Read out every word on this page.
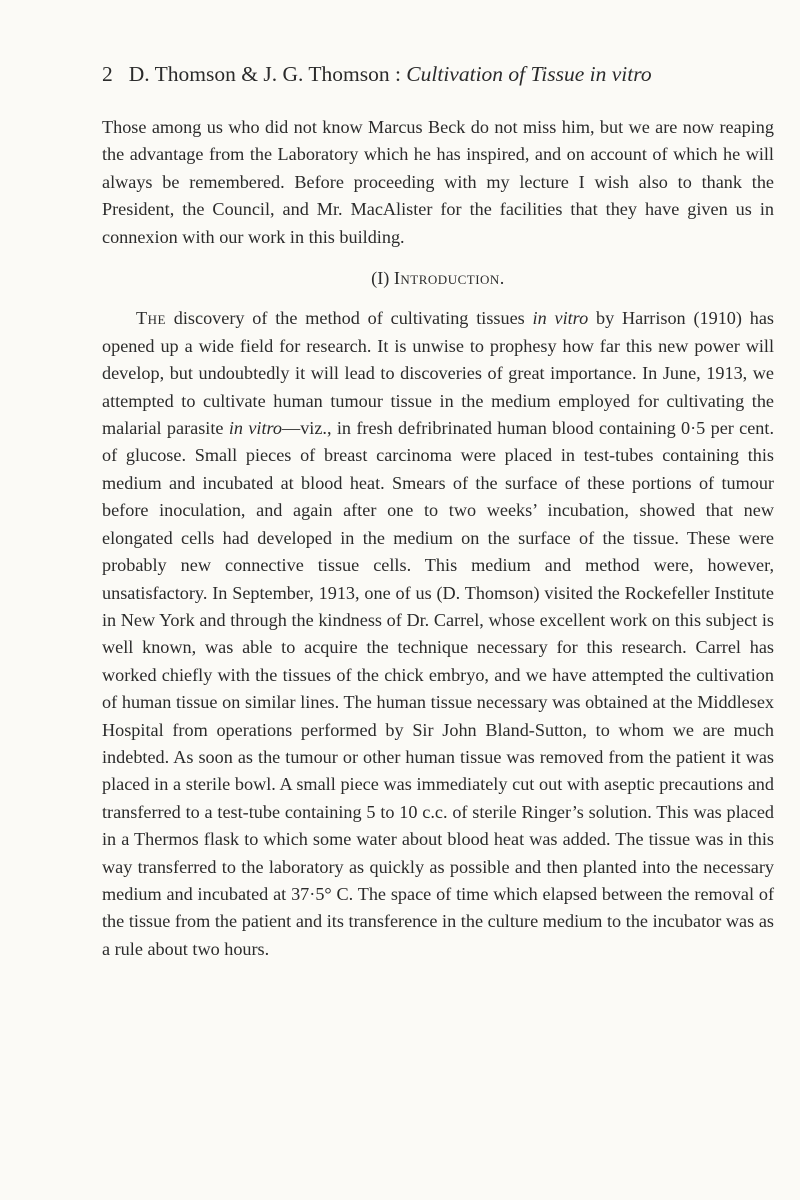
2 D. Thomson & J. G. Thomson : Cultivation of Tissue in vitro

Those among us who did not know Marcus Beck do not miss him, but we are now reaping the advantage from the Laboratory which he has inspired, and on account of which he will always be remembered. Before proceeding with my lecture I wish also to thank the President, the Council, and Mr. MacAlister for the facilities that they have given us in connexion with our work in this building.

(I) Introduction.

The discovery of the method of cultivating tissues in vitro by Harrison (1910) has opened up a wide field for research. It is unwise to prophesy how far this new power will develop, but undoubtedly it will lead to discoveries of great importance. In June, 1913, we attempted to cultivate human tumour tissue in the medium employed for cultivating the malarial parasite in vitro—viz., in fresh defribrinated human blood containing 0·5 per cent. of glucose. Small pieces of breast carcinoma were placed in test-tubes containing this medium and incubated at blood heat. Smears of the surface of these portions of tumour before inoculation, and again after one to two weeks’ incubation, showed that new elongated cells had developed in the medium on the surface of the tissue. These were probably new connective tissue cells. This medium and method were, however, unsatisfactory. In September, 1913, one of us (D. Thomson) visited the Rockefeller Institute in New York and through the kindness of Dr. Carrel, whose excellent work on this subject is well known, was able to acquire the technique necessary for this research. Carrel has worked chiefly with the tissues of the chick embryo, and we have attempted the cultivation of human tissue on similar lines. The human tissue necessary was obtained at the Middlesex Hospital from operations performed by Sir John Bland-Sutton, to whom we are much indebted. As soon as the tumour or other human tissue was removed from the patient it was placed in a sterile bowl. A small piece was immediately cut out with aseptic precautions and transferred to a test-tube containing 5 to 10 c.c. of sterile Ringer’s solution. This was placed in a Thermos flask to which some water about blood heat was added. The tissue was in this way transferred to the laboratory as quickly as possible and then planted into the necessary medium and incubated at 37·5° C. The space of time which elapsed between the removal of the tissue from the patient and its transference in the culture medium to the incubator was as a rule about two hours.
